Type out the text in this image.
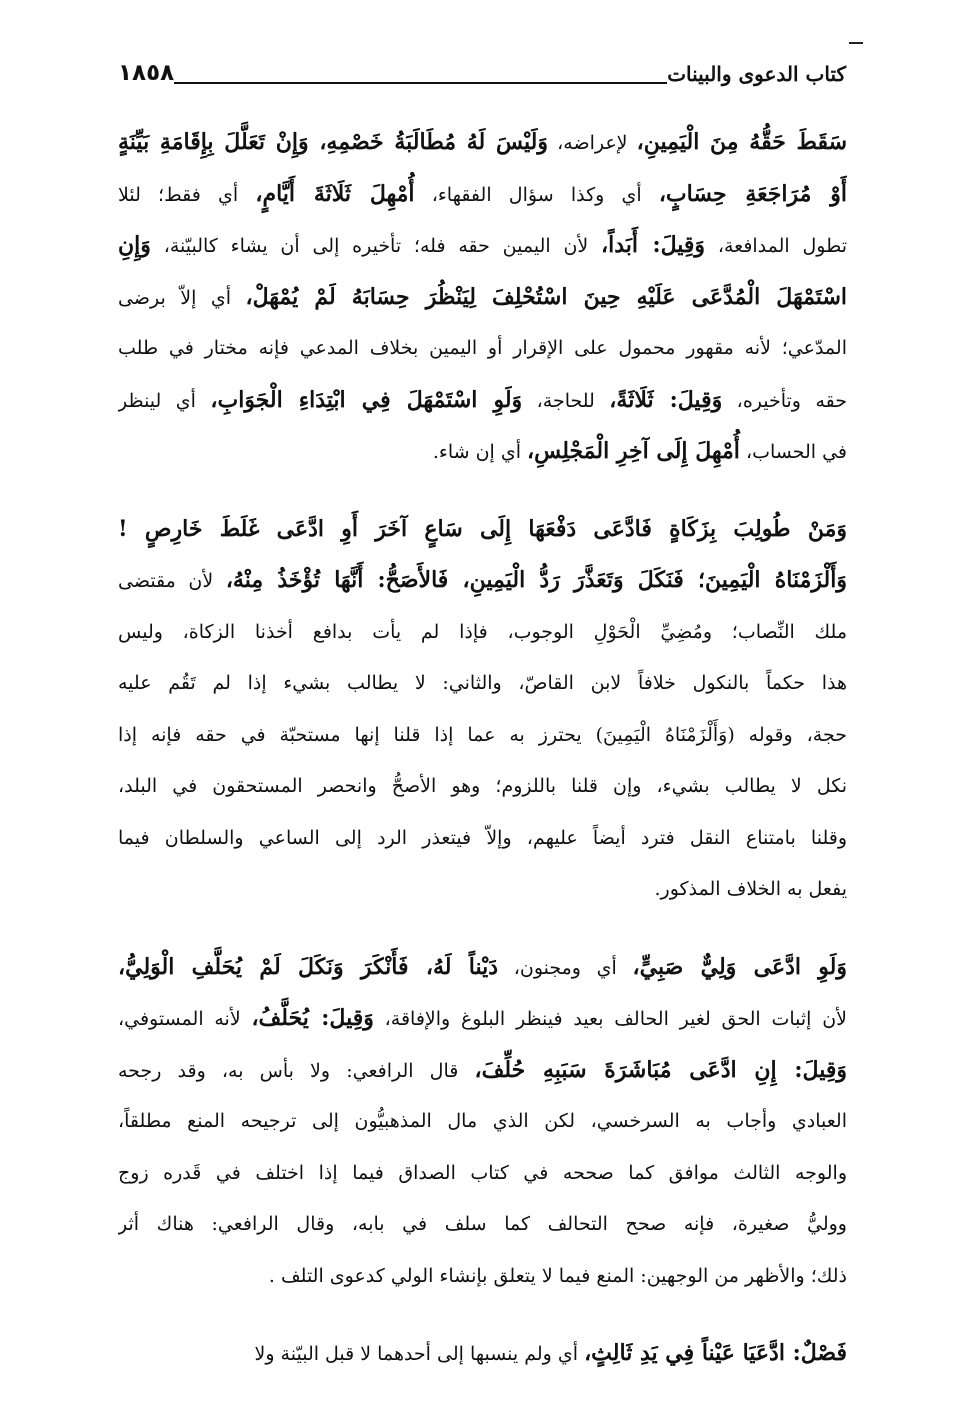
كتاب الدعوى والبينات
١٨٥٨
سَقَطَ حَقُّهُ مِنَ الْيَمِينِ، لإعراضه، وَلَيْسَ لَهُ مُطَالَبَةُ خَصْمِهِ، وَإِنْ تَعَلَّلَ بِإِقَامَةِ بَيِّنَةٍ
أَوْ مُرَاجَعَةِ حِسَابٍ، أي وكذا سؤال الفقهاء، أُمْهِلَ ثَلَاثَةَ أَيَّامٍ، أي فقط؛ لئلا
تطول المدافعة، وَقِيلَ: أَبَداً، لأن اليمين حقه فله؛ تأخيره إلى أن يشاء كالبيّنة، وَإِنِ
اسْتَمْهَلَ الْمُدَّعَى عَلَيْهِ حِينَ اسْتُحْلِفَ لِيَنْظُرَ حِسَابَهُ لَمْ يُمْهَلْ، أي إلاّ برضى
المدّعي؛ لأنه مقهور محمول على الإقرار أو اليمين بخلاف المدعي فإنه مختار في طلب
حقه وتأخيره، وَقِيلَ: ثَلَاثَةً، للحاجة، وَلَوِ اسْتَمْهَلَ فِي ابْتِدَاءِ الْجَوَابِ، أي لينظر
في الحساب، أُمْهِلَ إِلَى آخِرِ الْمَجْلِسِ، أي إن شاء.
وَمَنْ طُولِبَ بِزَكَاةٍ فَادَّعَى دَفْعَهَا إِلَى سَاعٍ آخَرَ أَوِ ادَّعَى غَلَطَ خَارِصٍ !
وَأَلْزَمْنَاهُ الْيَمِينَ؛ فَنَكَلَ وَتَعَذَّرَ رَدُّ الْيَمِينِ، فَالأَصَحُّ: أَنَّهَا تُؤْخَذُ مِنْهُ، لأن مقتضى
ملك النِّصاب؛ ومُضِيِّ الْحَوْلِ الوجوب، فإذا لم يأت بدافع أخذنا الزكاة، وليس
هذا حكماً بالنكول خلافاً لابن القاصّ، والثاني: لا يطالب بشيء إذا لم تَقُم عليه
حجة، وقوله (وَأَلْزَمْنَاهُ الْيَمِينَ) يحترز به عما إذا قلنا إنها مستحبّة في حقه فإنه إذا
نكل لا يطالب بشيء، وإن قلنا باللزوم؛ وهو الأصحُّ وانحصر المستحقون في البلد،
وقلنا بامتناع النقل فترد أيضاً عليهم، وإلاّ فيتعذر الرد إلى الساعي والسلطان فيما
يفعل به الخلاف المذكور.
وَلَوِ ادَّعَى وَلِيٌّ صَبِيٍّ، أي ومجنون، دَيْناً لَهُ، فَأَنْكَرَ وَنَكَلَ لَمْ يُحَلَّفِ الْوَلِيُّ،
لأن إثبات الحق لغير الحالف بعيد فينظر البلوغ والإفاقة، وَقِيلَ: يُحَلَّفُ، لأنه المستوفي،
وَقِيلَ: إِنِ ادَّعَى مُبَاشَرَةَ سَبَبِهِ حُلِّفَ، قال الرافعي: ولا بأس به، وقد رجحه
العبادي وأجاب به السرخسي، لكن الذي مال المذهبيُّون إلى ترجيحه المنع مطلقاً،
والوجه الثالث موافق كما صححه في كتاب الصداق فيما إذا اختلف في قَدره زوج
ووليُّ صغيرة، فإنه صحح التحالف كما سلف في بابه، وقال الرافعي: هناك أثر
ذلك؛ والأظهر من الوجهين: المنع فيما لا يتعلق بإنشاء الولي كدعوى التلف .
فَصْلٌ: ادَّعَيَا عَيْناً فِي يَدِ ثَالِثٍ، أي ولم ينسبها إلى أحدهما لا قبل البيّنة ولا
